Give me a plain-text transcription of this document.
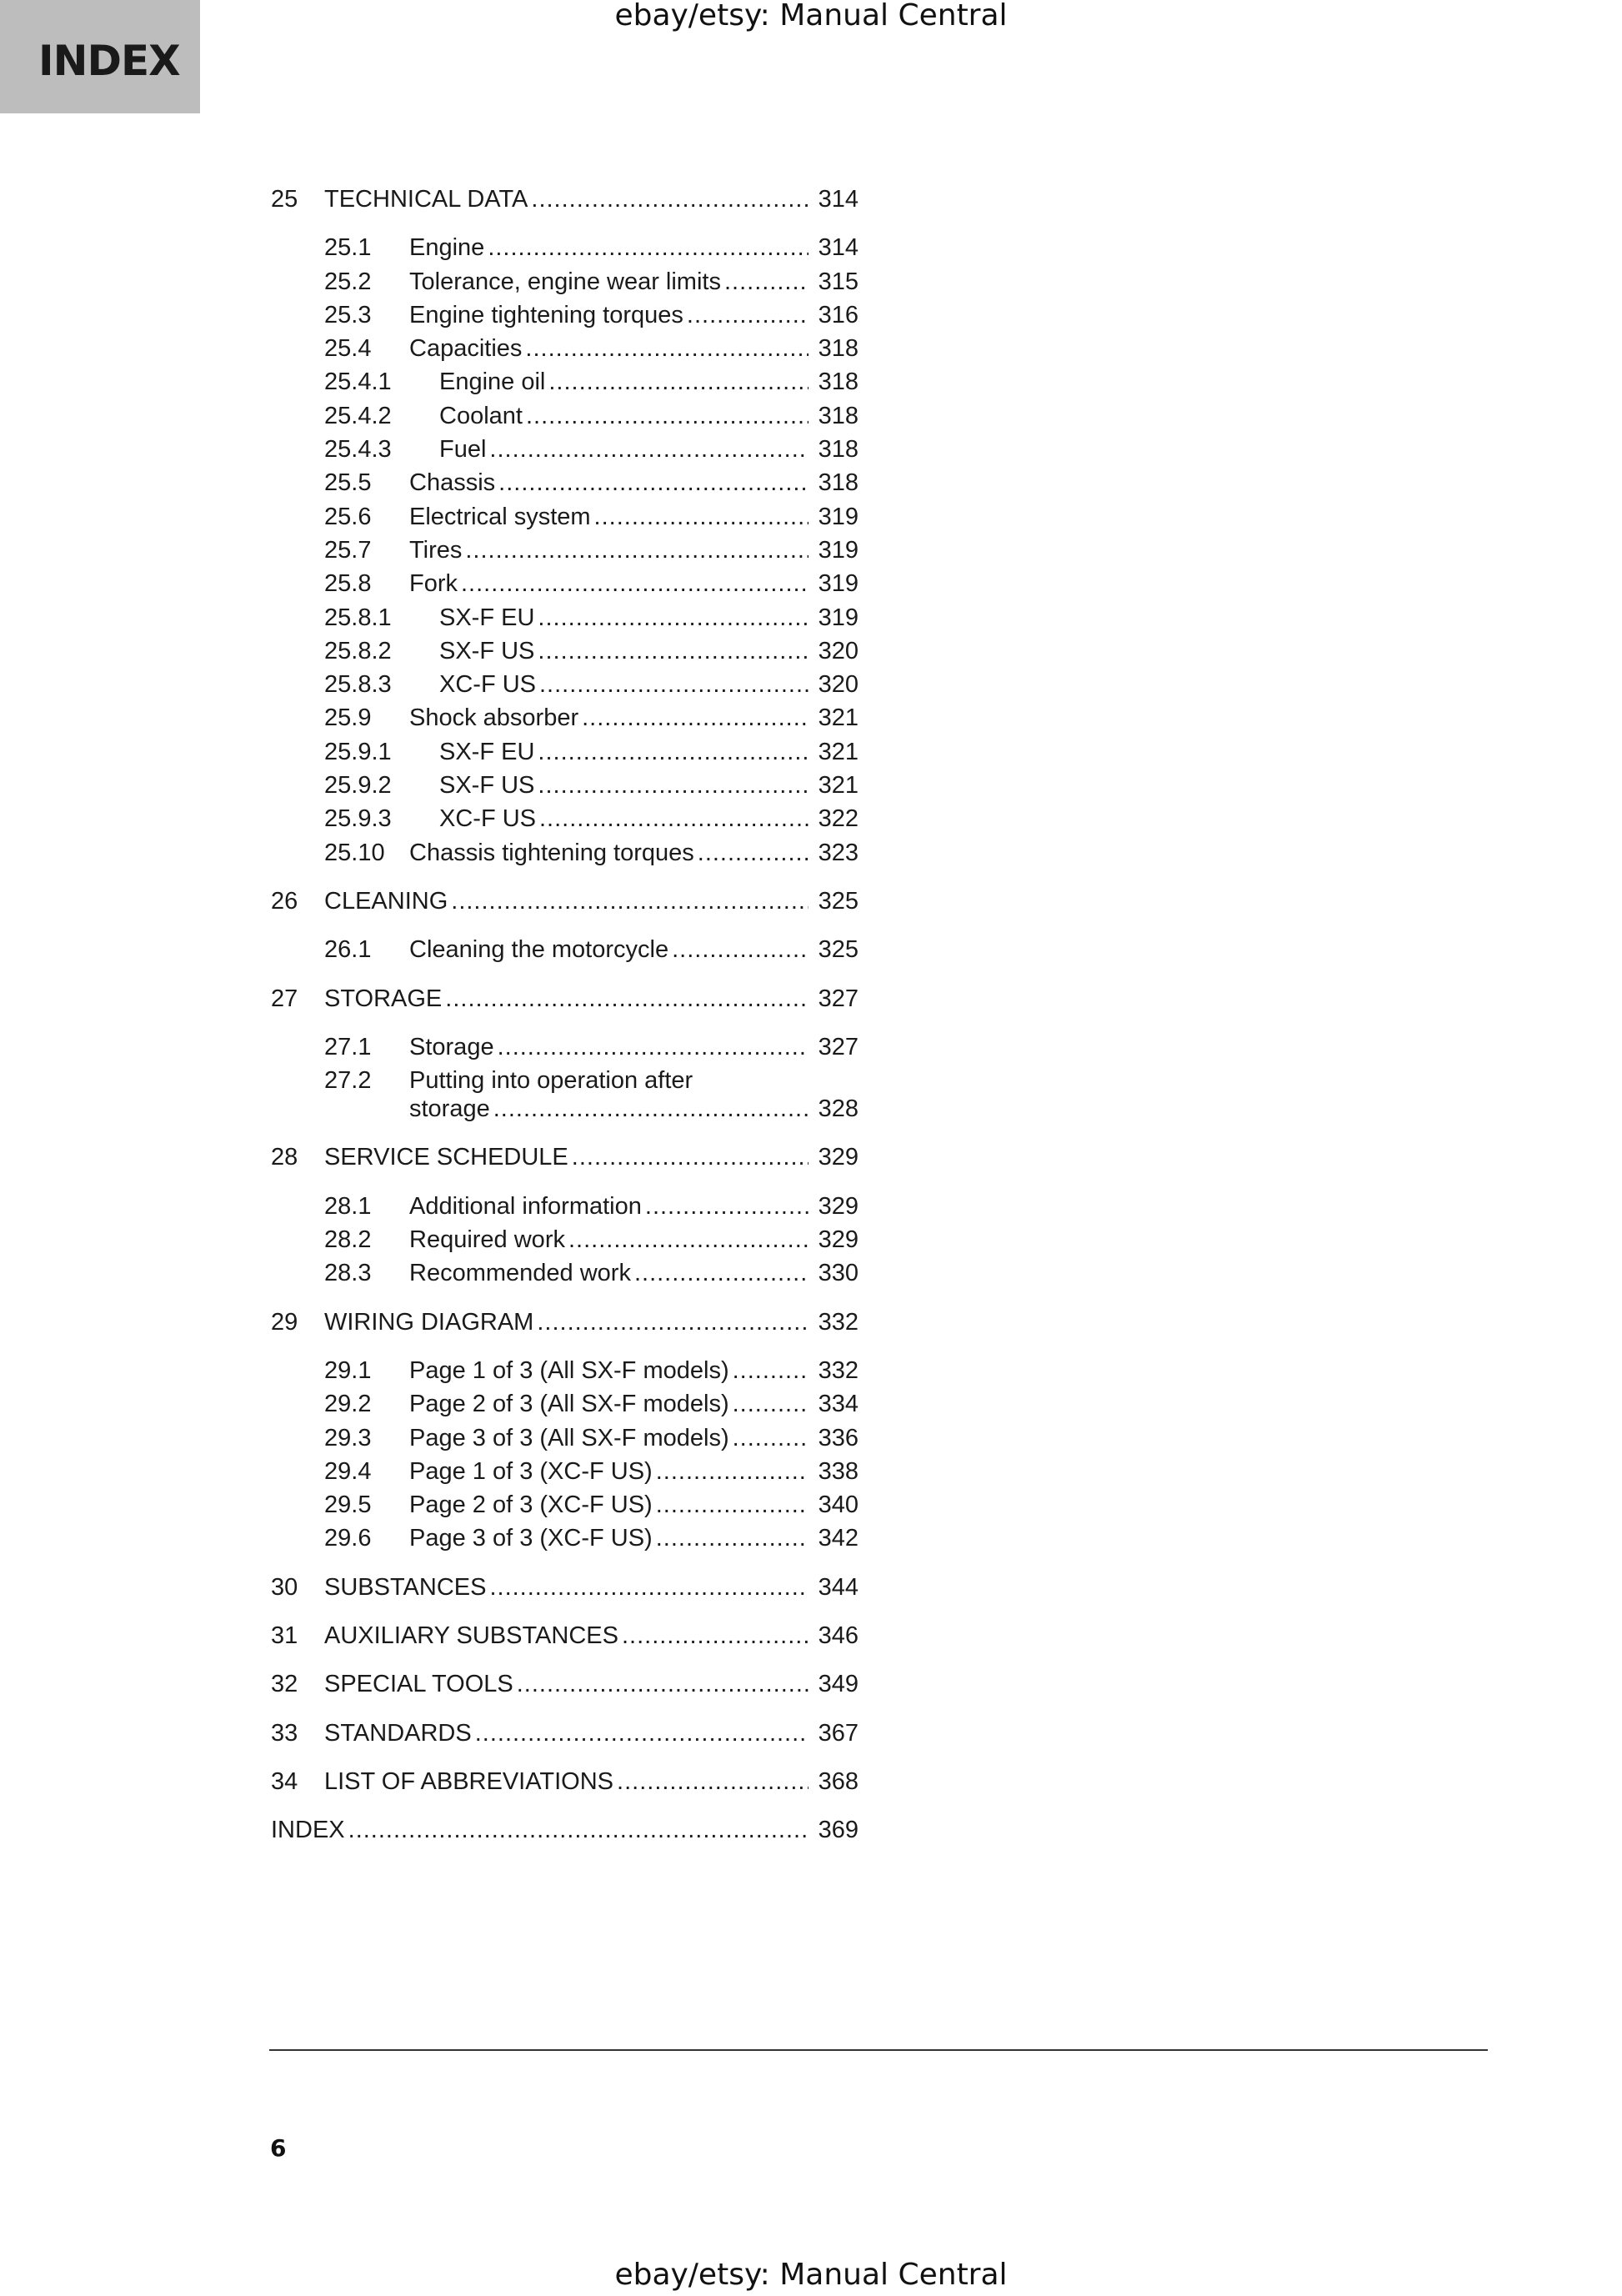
INDEX
ebay/etsy: Manual Central
25	TECHNICAL DATA .....	314
25.1	Engine .....	314
25.2	Tolerance, engine wear limits .....	315
25.3	Engine tightening torques .....	316
25.4	Capacities .....	318
25.4.1	Engine oil .....	318
25.4.2	Coolant .....	318
25.4.3	Fuel .....	318
25.5	Chassis .....	318
25.6	Electrical system .....	319
25.7	Tires .....	319
25.8	Fork .....	319
25.8.1	SX-F EU .....	319
25.8.2	SX-F US .....	320
25.8.3	XC-F US .....	320
25.9	Shock absorber .....	321
25.9.1	SX-F EU .....	321
25.9.2	SX-F US .....	321
25.9.3	XC-F US .....	322
25.10	Chassis tightening torques .....	323
26	CLEANING .....	325
26.1	Cleaning the motorcycle .....	325
27	STORAGE .....	327
27.1	Storage .....	327
27.2	Putting into operation after
storage .....	328
28	SERVICE SCHEDULE .....	329
28.1	Additional information .....	329
28.2	Required work .....	329
28.3	Recommended work .....	330
29	WIRING DIAGRAM .....	332
29.1	Page 1 of 3 (All SX-F models) .....	332
29.2	Page 2 of 3 (All SX-F models) .....	334
29.3	Page 3 of 3 (All SX-F models) .....	336
29.4	Page 1 of 3 (XC-F US) .....	338
29.5	Page 2 of 3 (XC-F US) .....	340
29.6	Page 3 of 3 (XC-F US) .....	342
30	SUBSTANCES .....	344
31	AUXILIARY SUBSTANCES .....	346
32	SPECIAL TOOLS .....	349
33	STANDARDS .....	367
34	LIST OF ABBREVIATIONS .....	368
INDEX .....	369
6
ebay/etsy: Manual Central
